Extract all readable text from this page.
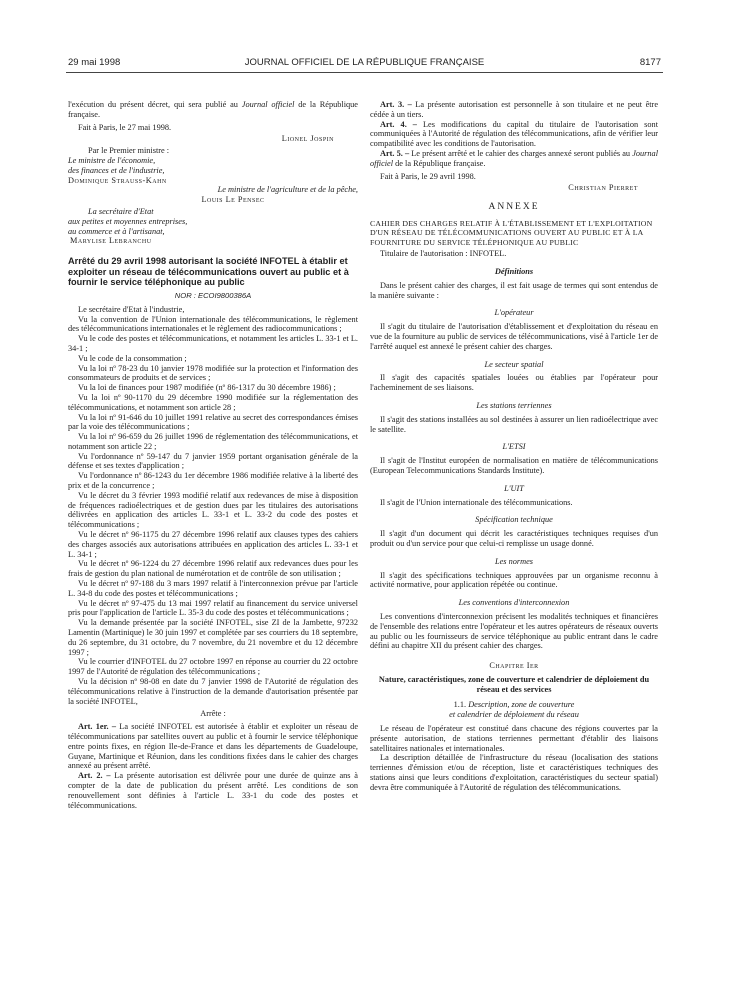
29 mai 1998	JOURNAL OFFICIEL DE LA RÉPUBLIQUE FRANÇAISE	8177

l'exécution du présent décret, qui sera publié au Journal officiel de la République française.

Fait à Paris, le 27 mai 1998.

Lionel Jospin

Par le Premier ministre :

Le ministre de l'économie,

des finances et de l'industrie,

Dominique Strauss-Kahn

Le ministre de l'agriculture et de la pêche,

Louis Le Pensec

La secrétaire d'Etat

aux petites et moyennes entreprises,

au commerce et à l'artisanat,

Marylise Lebranchu

Arrêté du 29 avril 1998 autorisant la société INFOTEL à établir et exploiter un réseau de télécommunications ouvert au public et à fournir le service téléphonique au public

NOR : ECOI9800386A

Le secrétaire d'Etat à l'industrie,

Vu la convention de l'Union internationale des télécommunications, le règlement des télécommunications internationales et le règlement des radiocommunications ;

Vu le code des postes et télécommunications, et notamment les articles L. 33-1 et L. 34-1 ;

Vu le code de la consommation ;

Vu la loi nº 78-23 du 10 janvier 1978 modifiée sur la protection et l'information des consommateurs de produits et de services ;

Vu la loi de finances pour 1987 modifiée (nº 86-1317 du 30 décembre 1986) ;

Vu la loi nº 90-1170 du 29 décembre 1990 modifiée sur la réglementation des télécommunications, et notamment son article 28 ;

Vu la loi nº 91-646 du 10 juillet 1991 relative au secret des correspondances émises par la voie des télécommunications ;

Vu la loi nº 96-659 du 26 juillet 1996 de réglementation des télécommunications, et notamment son article 22 ;

Vu l'ordonnance nº 59-147 du 7 janvier 1959 portant organisation générale de la défense et ses textes d'application ;

Vu l'ordonnance nº 86-1243 du 1er décembre 1986 modifiée relative à la liberté des prix et de la concurrence ;

Vu le décret du 3 février 1993 modifié relatif aux redevances de mise à disposition de fréquences radioélectriques et de gestion dues par les titulaires des autorisations délivrées en application des articles L. 33-1 et L. 33-2 du code des postes et télécommunications ;

Vu le décret nº 96-1175 du 27 décembre 1996 relatif aux clauses types des cahiers des charges associés aux autorisations attribuées en application des articles L. 33-1 et L. 34-1 ;

Vu le décret nº 96-1224 du 27 décembre 1996 relatif aux redevances dues pour les frais de gestion du plan national de numérotation et de contrôle de son utilisation ;

Vu le décret nº 97-188 du 3 mars 1997 relatif à l'interconnexion prévue par l'article L. 34-8 du code des postes et télécommunications ;

Vu le décret nº 97-475 du 13 mai 1997 relatif au financement du service universel pris pour l'application de l'article L. 35-3 du code des postes et télécommunications ;

Vu la demande présentée par la société INFOTEL, sise ZI de la Jambette, 97232 Lamentin (Martinique) le 30 juin 1997 et complétée par ses courriers du 18 septembre, du 26 septembre, du 31 octobre, du 7 novembre, du 21 novembre et du 12 décembre 1997 ;

Vu le courrier d'INFOTEL du 27 octobre 1997 en réponse au courrier du 22 octobre 1997 de l'Autorité de régulation des télécommunications ;

Vu la décision nº 98-08 en date du 7 janvier 1998 de l'Autorité de régulation des télécommunications relative à l'instruction de la demande d'autorisation présentée par la société INFOTEL,

Arrête :

Art. 1er. – La société INFOTEL est autorisée à établir et exploiter un réseau de télécommunications par satellites ouvert au public et à fournir le service téléphonique entre points fixes, en région Ile-de-France et dans les départements de Guadeloupe, Guyane, Martinique et Réunion, dans les conditions fixées dans le cahier des charges annexé au présent arrêté.

Art. 2. – La présente autorisation est délivrée pour une durée de quinze ans à compter de la date de publication du présent arrêté. Les conditions de son renouvellement sont définies à l'article L. 33-1 du code des postes et télécommunications.

Art. 3. – La présente autorisation est personnelle à son titulaire et ne peut être cédée à un tiers.

Art. 4. – Les modifications du capital du titulaire de l'autorisation sont communiquées à l'Autorité de régulation des télécommunications, afin de vérifier leur compatibilité avec les conditions de l'autorisation.

Art. 5. – Le présent arrêté et le cahier des charges annexé seront publiés au Journal officiel de la République française.

Fait à Paris, le 29 avril 1998.

Christian Pierret

ANNEXE

CAHIER DES CHARGES RELATIF À L'ÉTABLISSEMENT ET L'EXPLOITATION D'UN RÉSEAU DE TÉLÉCOMMUNICATIONS OUVERT AU PUBLIC ET À LA FOURNITURE DU SERVICE TÉLÉPHONIQUE AU PUBLIC

Titulaire de l'autorisation : INFOTEL.

Définitions

Dans le présent cahier des charges, il est fait usage de termes qui sont entendus de la manière suivante :

L'opérateur

Il s'agit du titulaire de l'autorisation d'établissement et d'exploitation du réseau en vue de la fourniture au public de services de télécommunications, visé à l'article 1er de l'arrêté auquel est annexé le présent cahier des charges.

Le secteur spatial

Il s'agit des capacités spatiales louées ou établies par l'opérateur pour l'acheminement de ses liaisons.

Les stations terriennes

Il s'agit des stations installées au sol destinées à assurer un lien radioélectrique avec le satellite.

L'ETSI

Il s'agit de l'Institut européen de normalisation en matière de télécommunications (European Telecommunications Standards Institute).

L'UIT

Il s'agit de l'Union internationale des télécommunications.

Spécification technique

Il s'agit d'un document qui décrit les caractéristiques techniques requises d'un produit ou d'un service pour que celui-ci remplisse un usage donné.

Les normes

Il s'agit des spécifications techniques approuvées par un organisme reconnu à activité normative, pour application répétée ou continue.

Les conventions d'interconnexion

Les conventions d'interconnexion précisent les modalités techniques et financières de l'ensemble des relations entre l'opérateur et les autres opérateurs de réseaux ouverts au public ou les fournisseurs de service téléphonique au public entrant dans le cadre défini au chapitre XII du présent cahier des charges.

Chapitre Ier

Nature, caractéristiques, zone de couverture et calendrier de déploiement du réseau et des services

1.1. Description, zone de couverture
et calendrier de déploiement du réseau

Le réseau de l'opérateur est constitué dans chacune des régions couvertes par la présente autorisation, de stations terriennes permettant d'établir des liaisons satellitaires nationales et internationales.

La description détaillée de l'infrastructure du réseau (localisation des stations terriennes d'émission et/ou de réception, liste et caractéristiques techniques des stations ainsi que leurs conditions d'exploitation, caractéristiques du secteur spatial) devra être communiquée à l'Autorité de régulation des télécommunications.
